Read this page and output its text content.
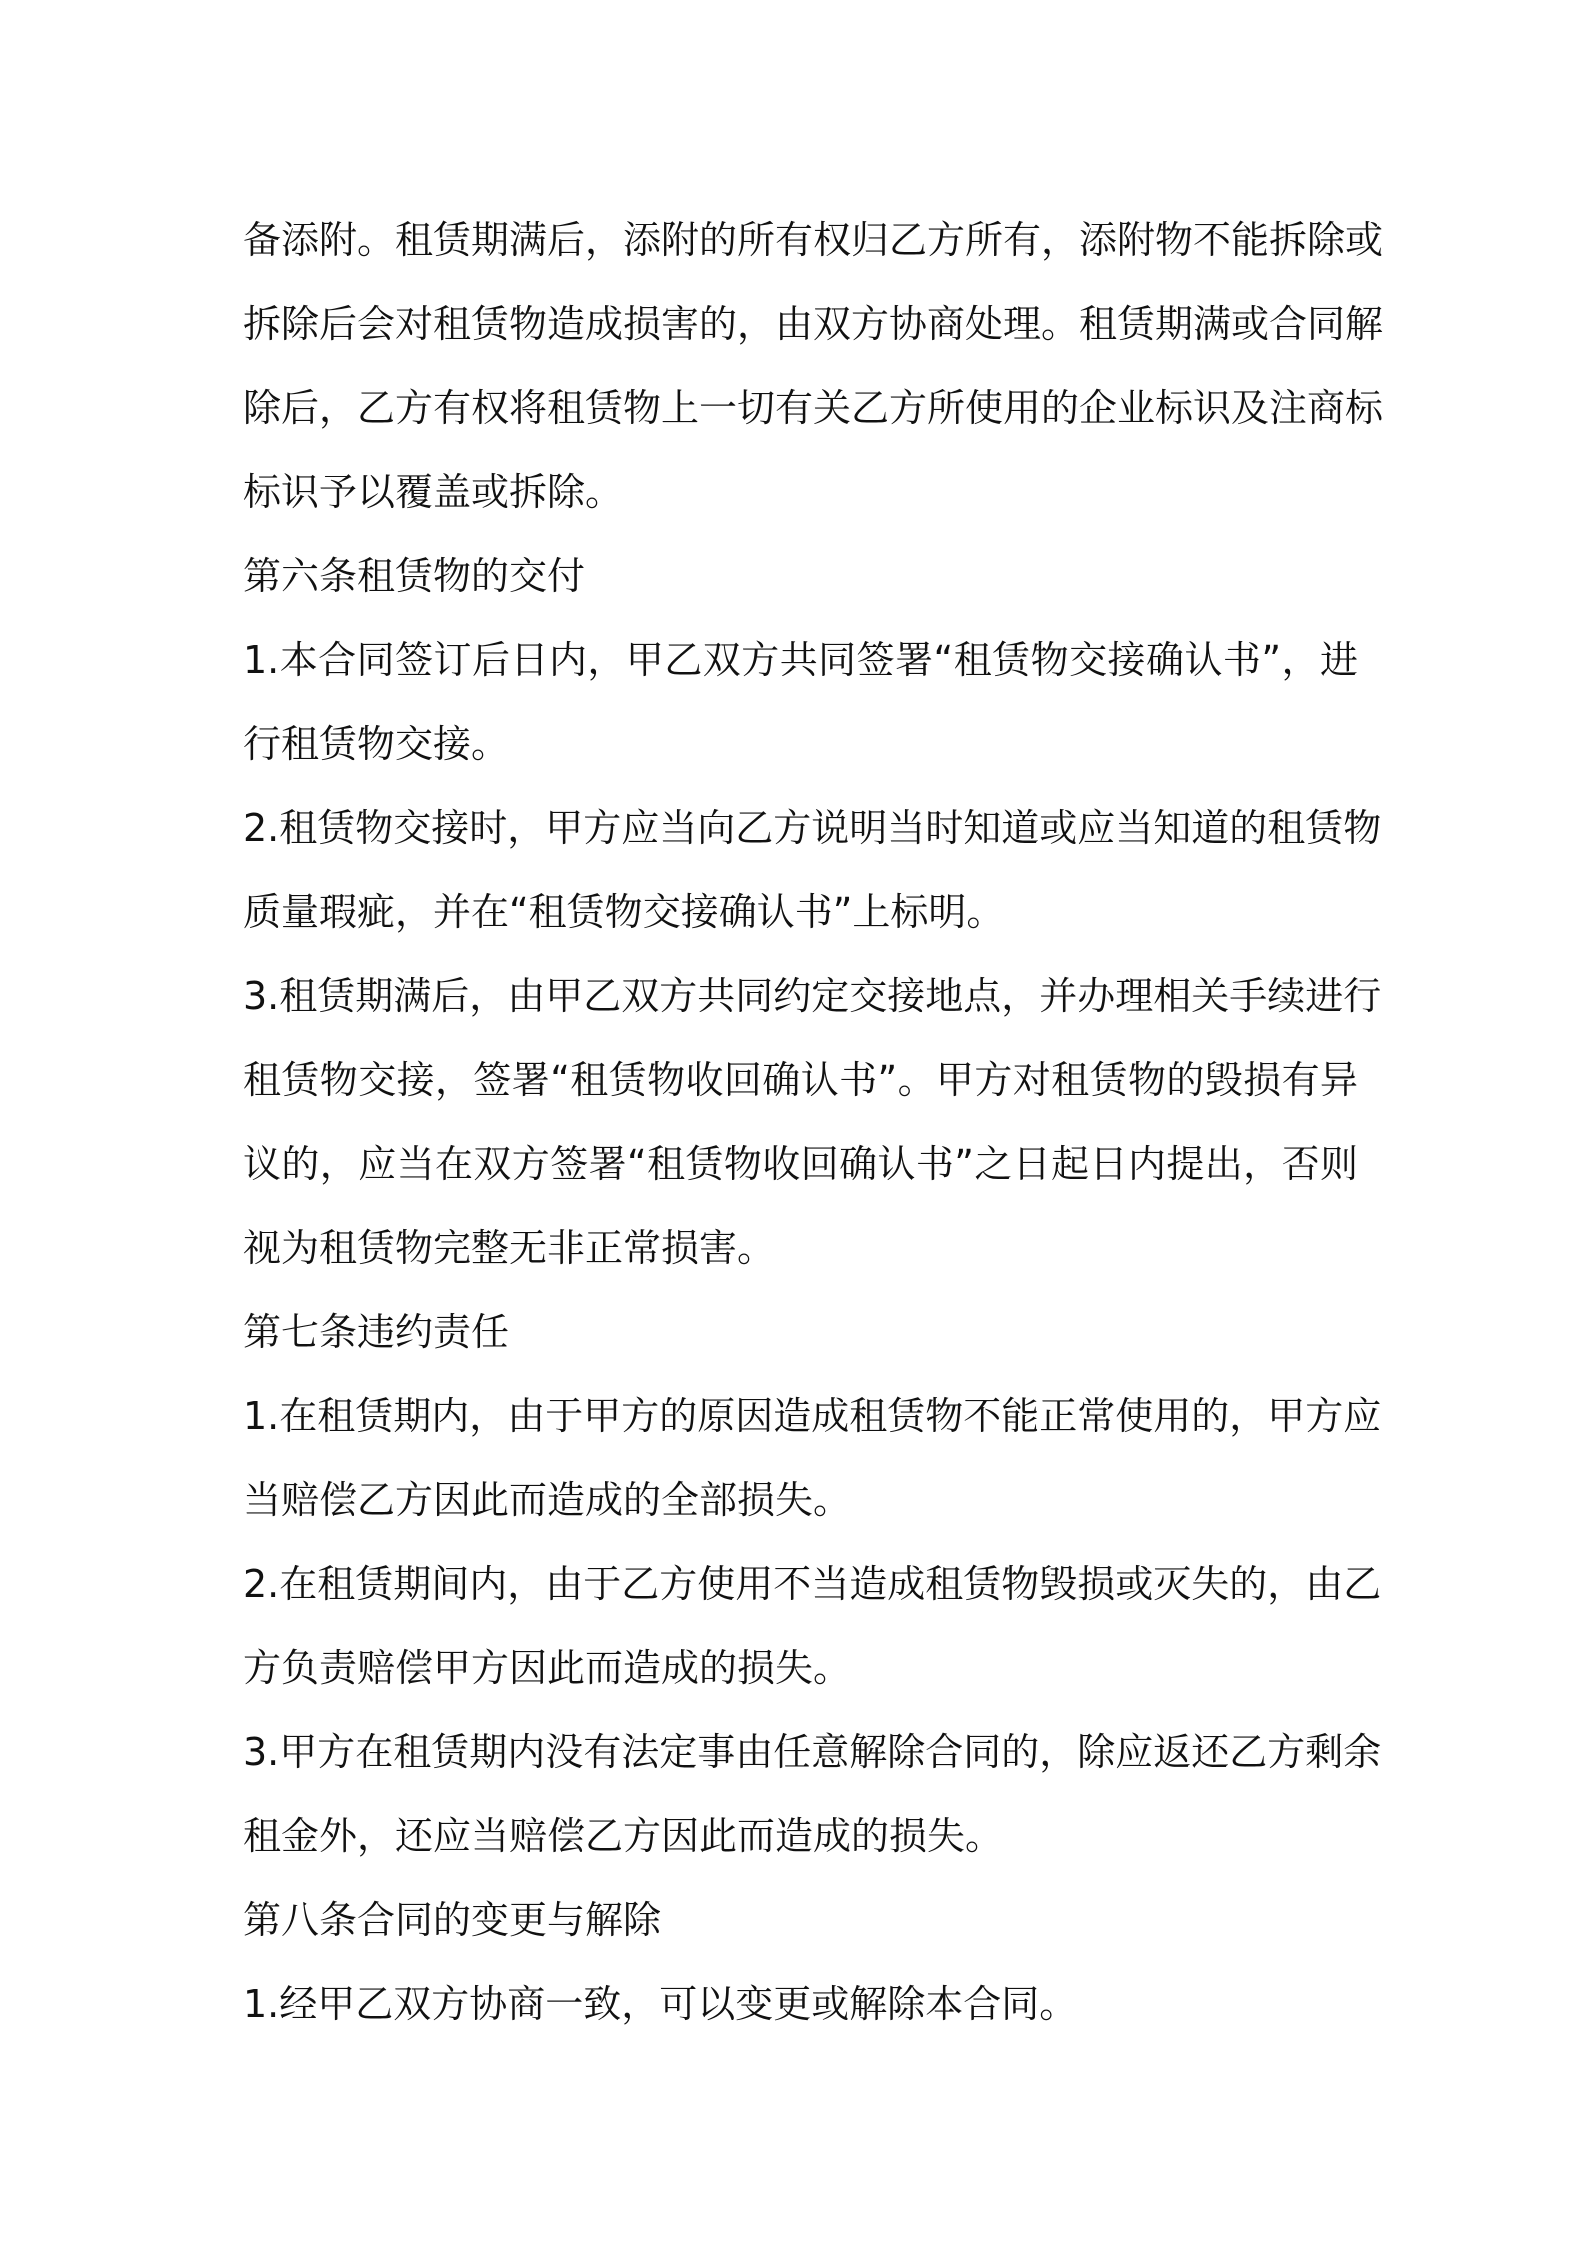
备添附。租赁期满后，添附的所有权归乙方所有，添附物不能拆除或
拆除后会对租赁物造成损害的，由双方协商处理。租赁期满或合同解
除后，乙方有权将租赁物上一切有关乙方所使用的企业标识及注商标
标识予以覆盖或拆除。
第六条租赁物的交付
1.本合同签订后日内，甲乙双方共同签署“租赁物交接确认书”，进
行租赁物交接。
2.租赁物交接时，甲方应当向乙方说明当时知道或应当知道的租赁物
质量瑕疵，并在“租赁物交接确认书”上标明。
3.租赁期满后，由甲乙双方共同约定交接地点，并办理相关手续进行
租赁物交接，签署“租赁物收回确认书”。甲方对租赁物的毁损有异
议的，应当在双方签署“租赁物收回确认书”之日起日内提出，否则
视为租赁物完整无非正常损害。
第七条违约责任
1.在租赁期内，由于甲方的原因造成租赁物不能正常使用的，甲方应
当赔偿乙方因此而造成的全部损失。
2.在租赁期间内，由于乙方使用不当造成租赁物毁损或灭失的，由乙
方负责赔偿甲方因此而造成的损失。
3.甲方在租赁期内没有法定事由任意解除合同的，除应返还乙方剩余
租金外，还应当赔偿乙方因此而造成的损失。
第八条合同的变更与解除
1.经甲乙双方协商一致，可以变更或解除本合同。
